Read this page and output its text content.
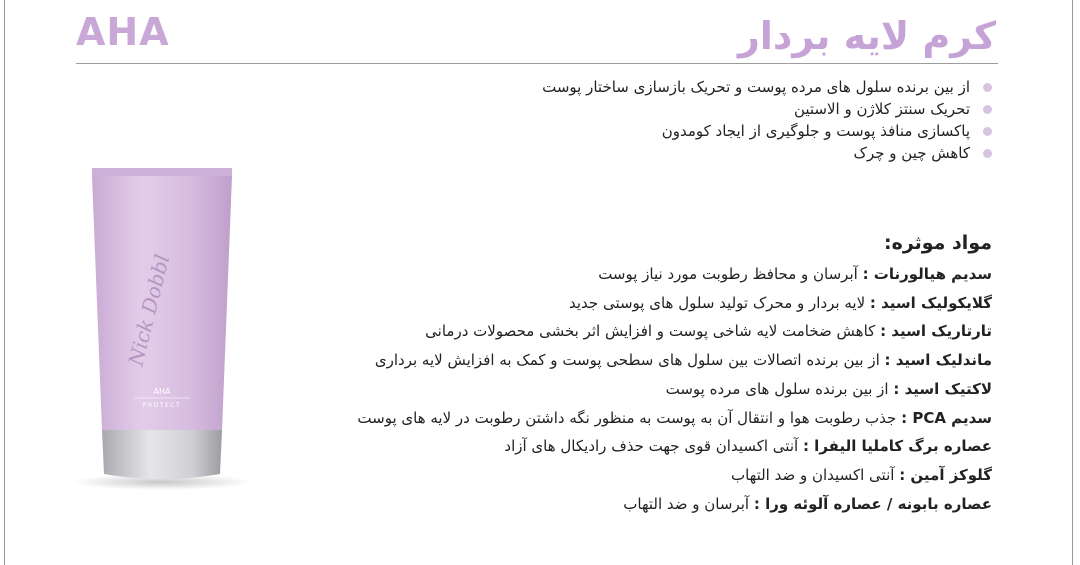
AHA	کرم لایه بردار
از بین برنده سلول های مرده پوست و تحریک بازسازی ساختار پوست
تحریک سنتز کلاژن و الاستین
پاکسازی منافذ پوست و جلوگیری از ایجاد کومدون
کاهش چین و چرک
مواد موثره:
سدیم هیالورنات : آبرسان و محافظ رطوبت مورد نیاز پوست
گلایکولیک اسید : لایه بردار و محرک تولید سلول های پوستی جدید
تارتاریک اسید : کاهش ضخامت لایه شاخی پوست و افزایش اثر بخشی محصولات درمانی
ماندلیک اسید : از بین برنده اتصالات بین سلول های سطحی پوست و کمک به افزایش لایه برداری
لاکتیک اسید : از بین برنده سلول های مرده پوست
سدیم PCA : جذب رطوبت هوا و انتقال آن به پوست به منظور نگه داشتن رطوبت در لایه های پوست
عصاره برگ کاملیا الیفرا : آنتی اکسیدان قوی جهت حذف رادیکال های آزاد
گلوکز آمین : آنتی اکسیدان و ضد التهاب
عصاره بابونه / عصاره آلوئه ورا : آبرسان و ضد التهاب
Nick Dobbl
AHA
PROTECT
